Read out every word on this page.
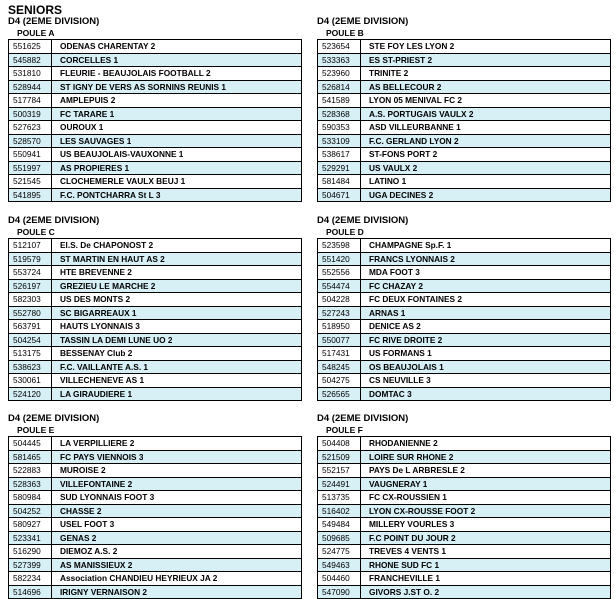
SENIORS
D4 (2EME DIVISION)
POULE A
551625	ODENAS CHARENTAY 2
545882	CORCELLES 1
531810	FLEURIE - BEAUJOLAIS FOOTBALL 2
528944	ST IGNY DE VERS AS SORNINS REUNIS 1
517784	AMPLEPUIS 2
500319	FC TARARE 1
527623	OUROUX 1
528570	LES SAUVAGES 1
550941	US BEAUJOLAIS-VAUXONNE 1
551997	AS PROPIERES 1
521545	CLOCHEMERLE VAULX BEUJ 1
541895	F.C. PONTCHARRA St L 3
D4 (2EME DIVISION)
POULE B
523654	STE FOY LES LYON 2
533363	ES ST-PRIEST 2
523960	TRINITE 2
526814	AS BELLECOUR 2
541589	LYON 05 MENIVAL FC 2
528368	A.S. PORTUGAIS VAULX 2
590353	ASD VILLEURBANNE 1
533109	F.C. GERLAND LYON 2
538617	ST-FONS PORT 2
529291	US VAULX 2
581484	LATINO 1
504671	UGA DECINES 2
D4 (2EME DIVISION)
POULE C
512107	El.S. De CHAPONOST 2
519579	ST MARTIN EN HAUT AS 2
553724	HTE BREVENNE 2
526197	GREZIEU LE MARCHE 2
582303	US DES MONTS 2
552780	SC BIGARREAUX 1
563791	HAUTS LYONNAIS 3
504254	TASSIN LA DEMI LUNE UO 2
513175	BESSENAY Club 2
538623	F.C. VAILLANTE A.S. 1
530061	VILLECHENEVE AS 1
524120	LA GIRAUDIERE 1
D4 (2EME DIVISION)
POULE D
523598	CHAMPAGNE Sp.F. 1
551420	FRANCS LYONNAIS 2
552556	MDA FOOT 3
554474	FC CHAZAY 2
504228	FC DEUX FONTAINES 2
527243	ARNAS 1
518950	DENICE AS 2
550077	FC RIVE DROITE 2
517431	US FORMANS 1
548245	OS BEAUJOLAIS 1
504275	CS NEUVILLE 3
526565	DOMTAC 3
D4 (2EME DIVISION)
POULE E
504445	LA VERPILLIERE 2
581465	FC PAYS VIENNOIS 3
522883	MUROISE 2
528363	VILLEFONTAINE 2
580984	SUD LYONNAIS FOOT 3
504252	CHASSE 2
580927	USEL FOOT 3
523341	GENAS 2
516290	DIEMOZ A.S. 2
527399	AS MANISSIEUX 2
582234	Association CHANDIEU HEYRIEUX JA 2
514696	IRIGNY VERNAISON 2
D4 (2EME DIVISION)
POULE F
504408	RHODANIENNE 2
521509	LOIRE SUR RHONE 2
552157	PAYS De L ARBRESLE 2
524491	VAUGNERAY 1
513735	FC CX-ROUSSIEN 1
516402	LYON CX-ROUSSE FOOT 2
549484	MILLERY VOURLES 3
509685	F.C POINT DU JOUR 2
524775	TREVES 4 VENTS 1
549463	RHONE SUD FC 1
504460	FRANCHEVILLE 1
547090	GIVORS J.ST O. 2
